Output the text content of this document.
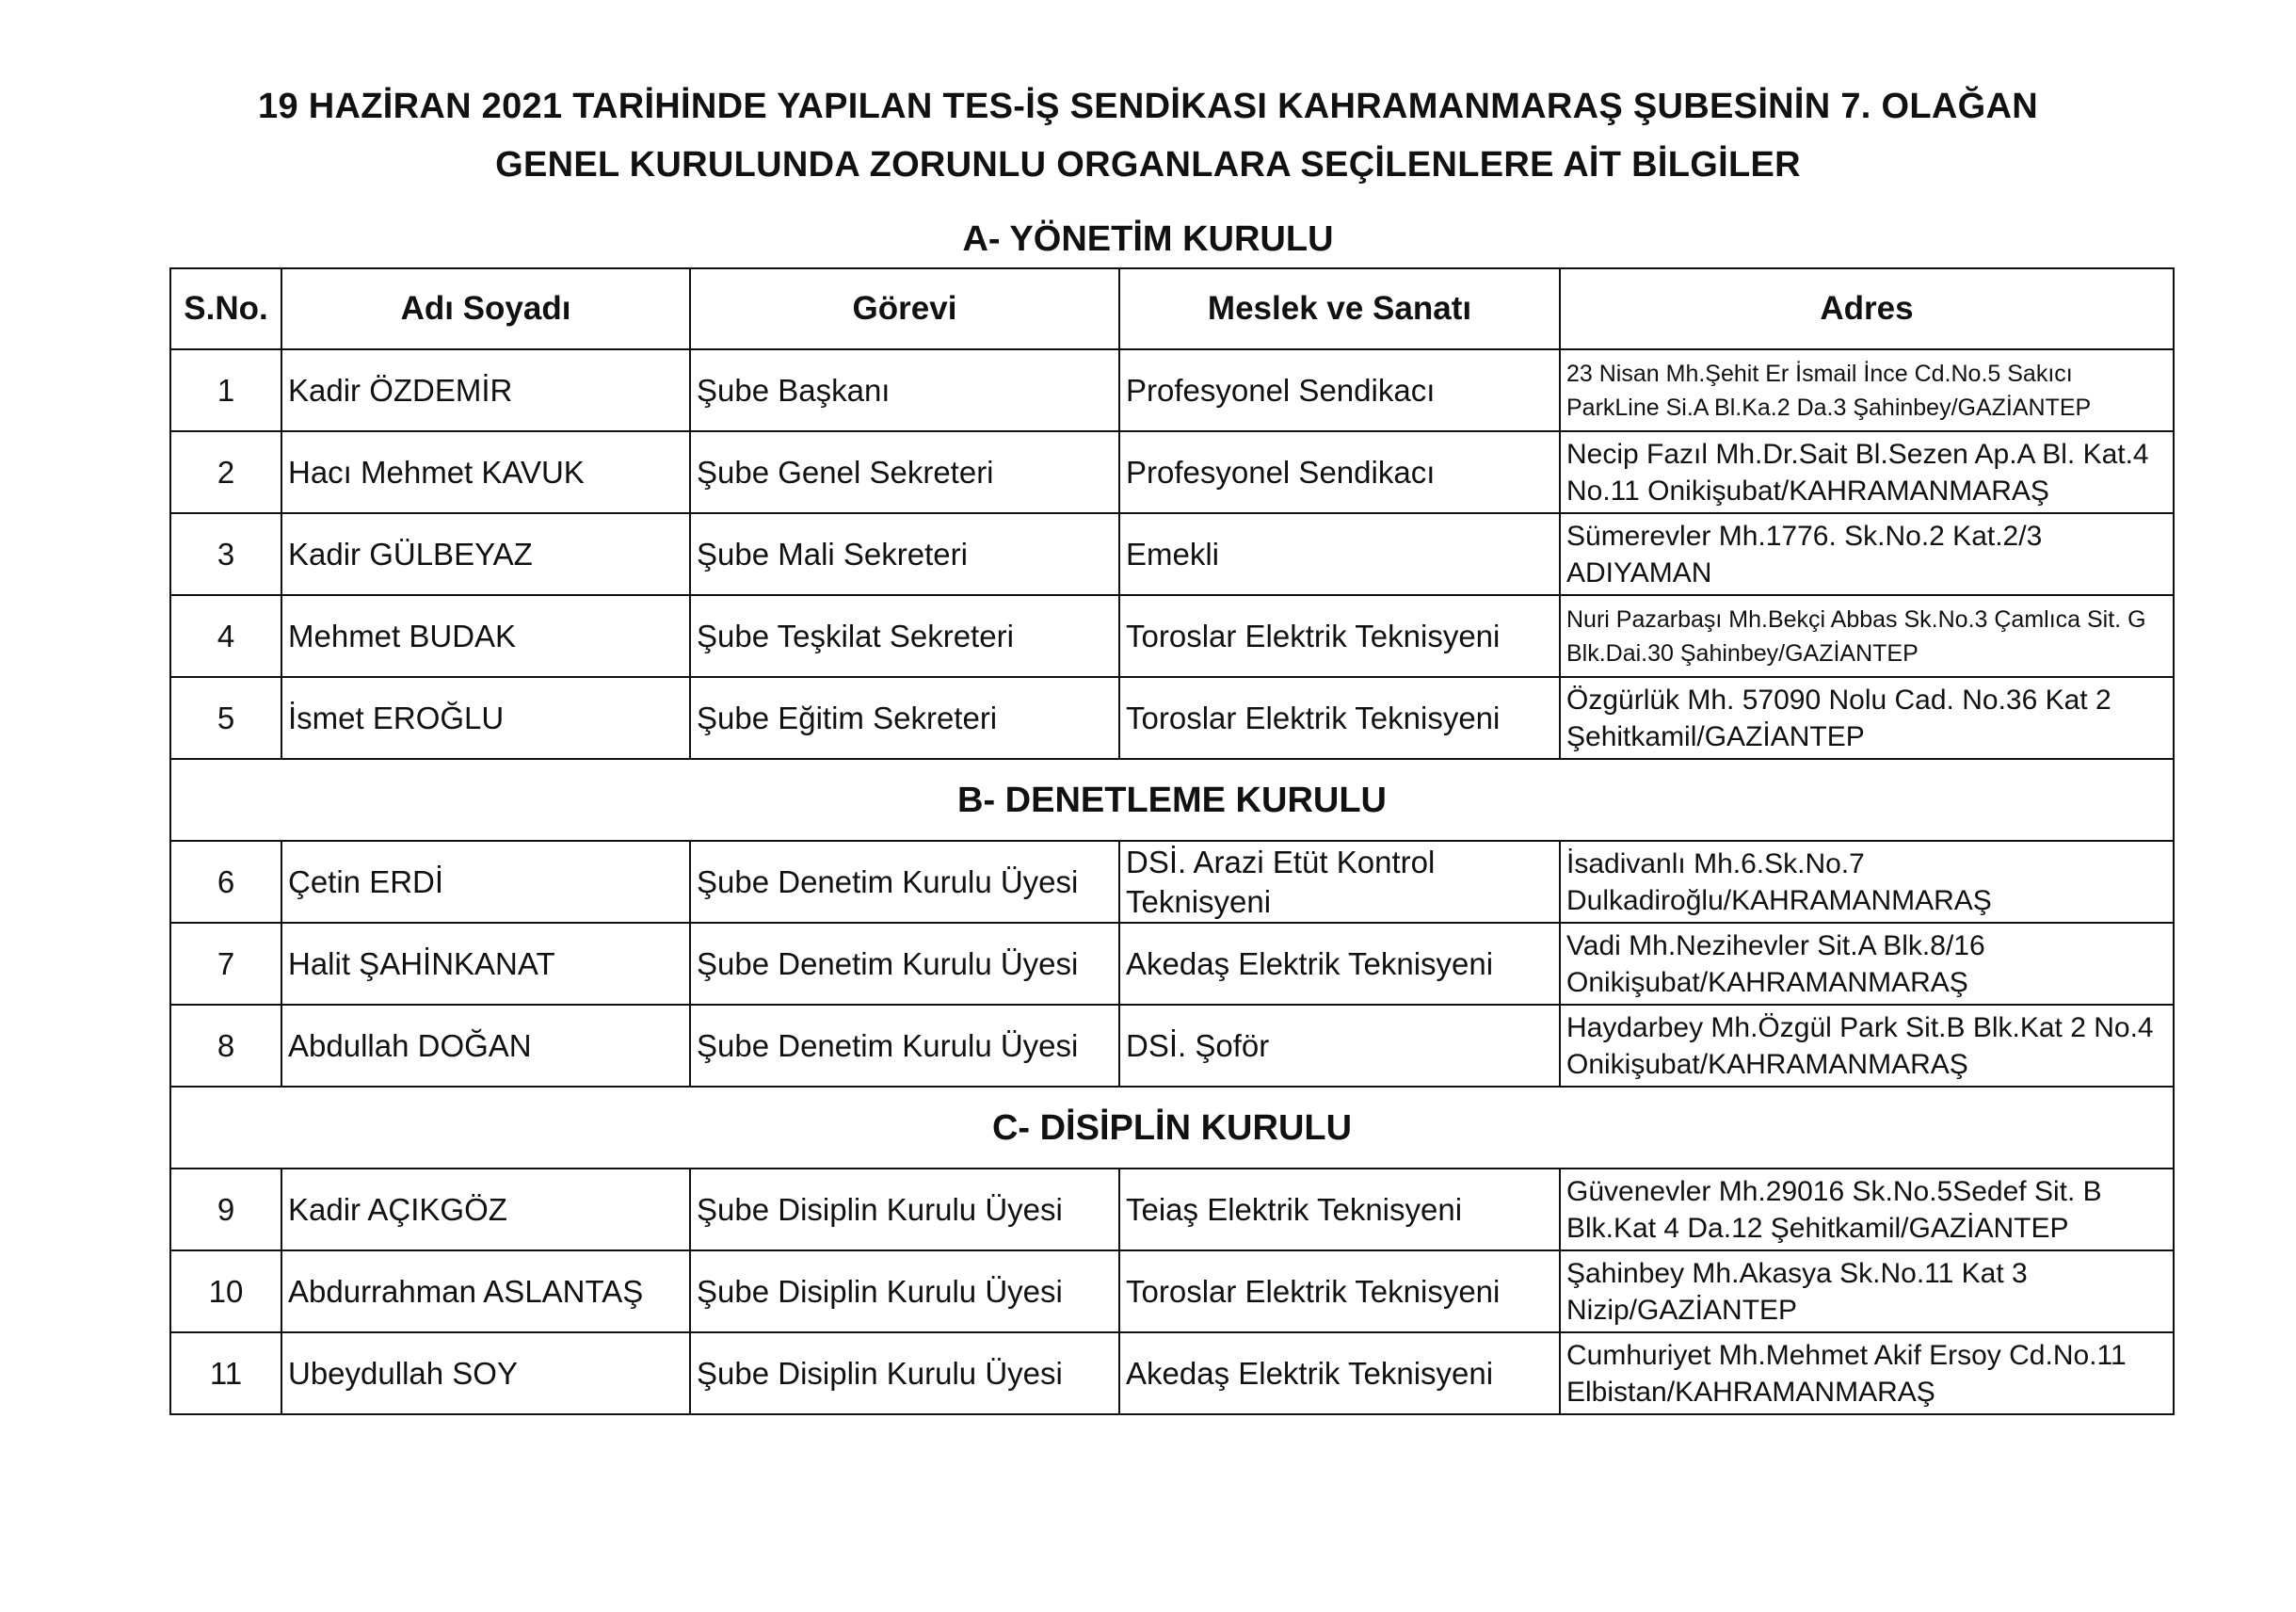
19 HAZİRAN 2021 TARİHİNDE YAPILAN TES-İŞ SENDİKASI KAHRAMANMARAŞ ŞUBESİNİN 7. OLAĞAN
GENEL KURULUNDA ZORUNLU ORGANLARA SEÇİLENLERE AİT BİLGİLER
A- YÖNETİM KURULU
S.No.	Adı Soyadı	Görevi	Meslek ve Sanatı	Adres
1	Kadir ÖZDEMİR	Şube Başkanı	Profesyonel Sendikacı	23 Nisan Mh.Şehit Er İsmail İnce Cd.No.5 Sakıcı ParkLine Si.A Bl.Ka.2 Da.3 Şahinbey/GAZİANTEP
2	Hacı Mehmet KAVUK	Şube Genel Sekreteri	Profesyonel Sendikacı	Necip Fazıl Mh.Dr.Sait Bl.Sezen Ap.A Bl. Kat.4 No.11 Onikişubat/KAHRAMANMARAŞ
3	Kadir GÜLBEYAZ	Şube Mali Sekreteri	Emekli	Sümerevler Mh.1776. Sk.No.2 Kat.2/3 ADIYAMAN
4	Mehmet BUDAK	Şube Teşkilat Sekreteri	Toroslar Elektrik Teknisyeni	Nuri Pazarbaşı Mh.Bekçi Abbas Sk.No.3 Çamlıca Sit. G Blk.Dai.30 Şahinbey/GAZİANTEP
5	İsmet EROĞLU	Şube Eğitim Sekreteri	Toroslar Elektrik Teknisyeni	Özgürlük Mh. 57090 Nolu Cad. No.36 Kat 2 Şehitkamil/GAZİANTEP
B- DENETLEME KURULU				
6	Çetin ERDİ	Şube Denetim Kurulu Üyesi	DSİ. Arazi Etüt Kontrol Teknisyeni	İsadivanlı Mh.6.Sk.No.7 Dulkadiroğlu/KAHRAMANMARAŞ
7	Halit ŞAHİNKANAT	Şube Denetim Kurulu Üyesi	Akedaş Elektrik Teknisyeni	Vadi Mh.Nezihevler Sit.A Blk.8/16 Onikişubat/KAHRAMANMARAŞ
8	Abdullah DOĞAN	Şube Denetim Kurulu Üyesi	DSİ. Şoför	Haydarbey Mh.Özgül Park Sit.B Blk.Kat 2 No.4 Onikişubat/KAHRAMANMARAŞ
C- DİSİPLİN KURULU				
9	Kadir AÇIKGÖZ	Şube Disiplin Kurulu Üyesi	Teiaş Elektrik Teknisyeni	Güvenevler Mh.29016 Sk.No.5Sedef Sit. B Blk.Kat 4 Da.12 Şehitkamil/GAZİANTEP
10	Abdurrahman ASLANTAŞ	Şube Disiplin Kurulu Üyesi	Toroslar Elektrik Teknisyeni	Şahinbey Mh.Akasya Sk.No.11 Kat 3 Nizip/GAZİANTEP
11	Ubeydullah SOY	Şube Disiplin Kurulu Üyesi	Akedaş Elektrik Teknisyeni	Cumhuriyet Mh.Mehmet Akif Ersoy Cd.No.11 Elbistan/KAHRAMANMARAŞ
